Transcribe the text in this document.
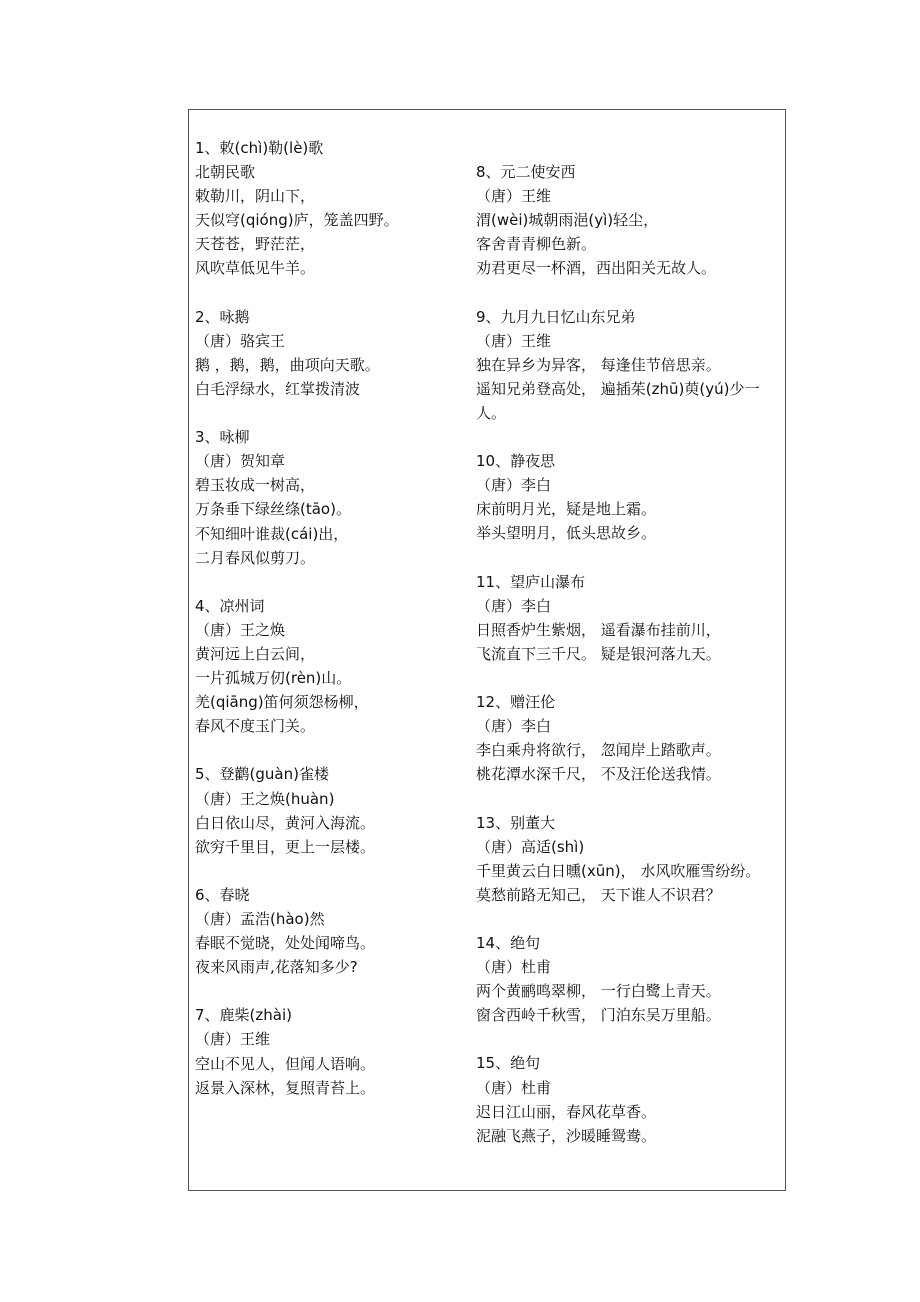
1、敕(chì)勒(lè)歌
北朝民歌
敕勒川，阴山下，
天似穹(qióng)庐，笼盖四野。
天苍苍，野茫茫，
风吹草低见牛羊。
2、咏鹅
（唐）骆宾王
鹅 ，鹅，鹅，曲项向天歌。
白毛浮绿水，红掌拨清波
3、咏柳
（唐）贺知章
碧玉妆成一树高，
万条垂下绿丝绦(tāo)。
不知细叶谁裁(cái)出，
二月春风似剪刀。
4、凉州词
（唐）王之焕
黄河远上白云间，
一片孤城万仞(rèn)山。
羌(qiāng)笛何须怨杨柳，
春风不度玉门关。
5、登鹳(guàn)雀楼
（唐）王之焕(huàn)
白日依山尽，黄河入海流。
欲穷千里目，更上一层楼。
6、春晓
（唐）孟浩(hào)然
春眠不觉晓，处处闻啼鸟。
夜来风雨声,花落知多少?
7、鹿柴(zhài)
（唐）王维
空山不见人，但闻人语响。
返景入深林，复照青苔上。
8、元二使安西
（唐）王维
渭(wèi)城朝雨浥(yì)轻尘，
客舍青青柳色新。
劝君更尽一杯酒，西出阳关无故人。
9、九月九日忆山东兄弟
（唐）王维
独在异乡为异客， 每逢佳节倍思亲。
遥知兄弟登高处， 遍插茱(zhū)萸(yú)少一人。
10、静夜思
（唐）李白
床前明月光，疑是地上霜。
举头望明月，低头思故乡。
11、望庐山瀑布
（唐）李白
日照香炉生紫烟， 遥看瀑布挂前川，
飞流直下三千尺。 疑是银河落九天。
12、赠汪伦
（唐）李白
李白乘舟将欲行， 忽闻岸上踏歌声。
桃花潭水深千尺， 不及汪伦送我情。
13、别董大
（唐）高适(shì)
千里黄云白日曛(xūn)， 水风吹雁雪纷纷。
莫愁前路无知己， 天下谁人不识君？
14、绝句
（唐）杜甫
两个黄鹂鸣翠柳， 一行白鹭上青天。
窗含西岭千秋雪， 门泊东吴万里船。
15、绝句
（唐）杜甫
迟日江山丽，春风花草香。
泥融飞燕子，沙暖睡鸳鸯。
